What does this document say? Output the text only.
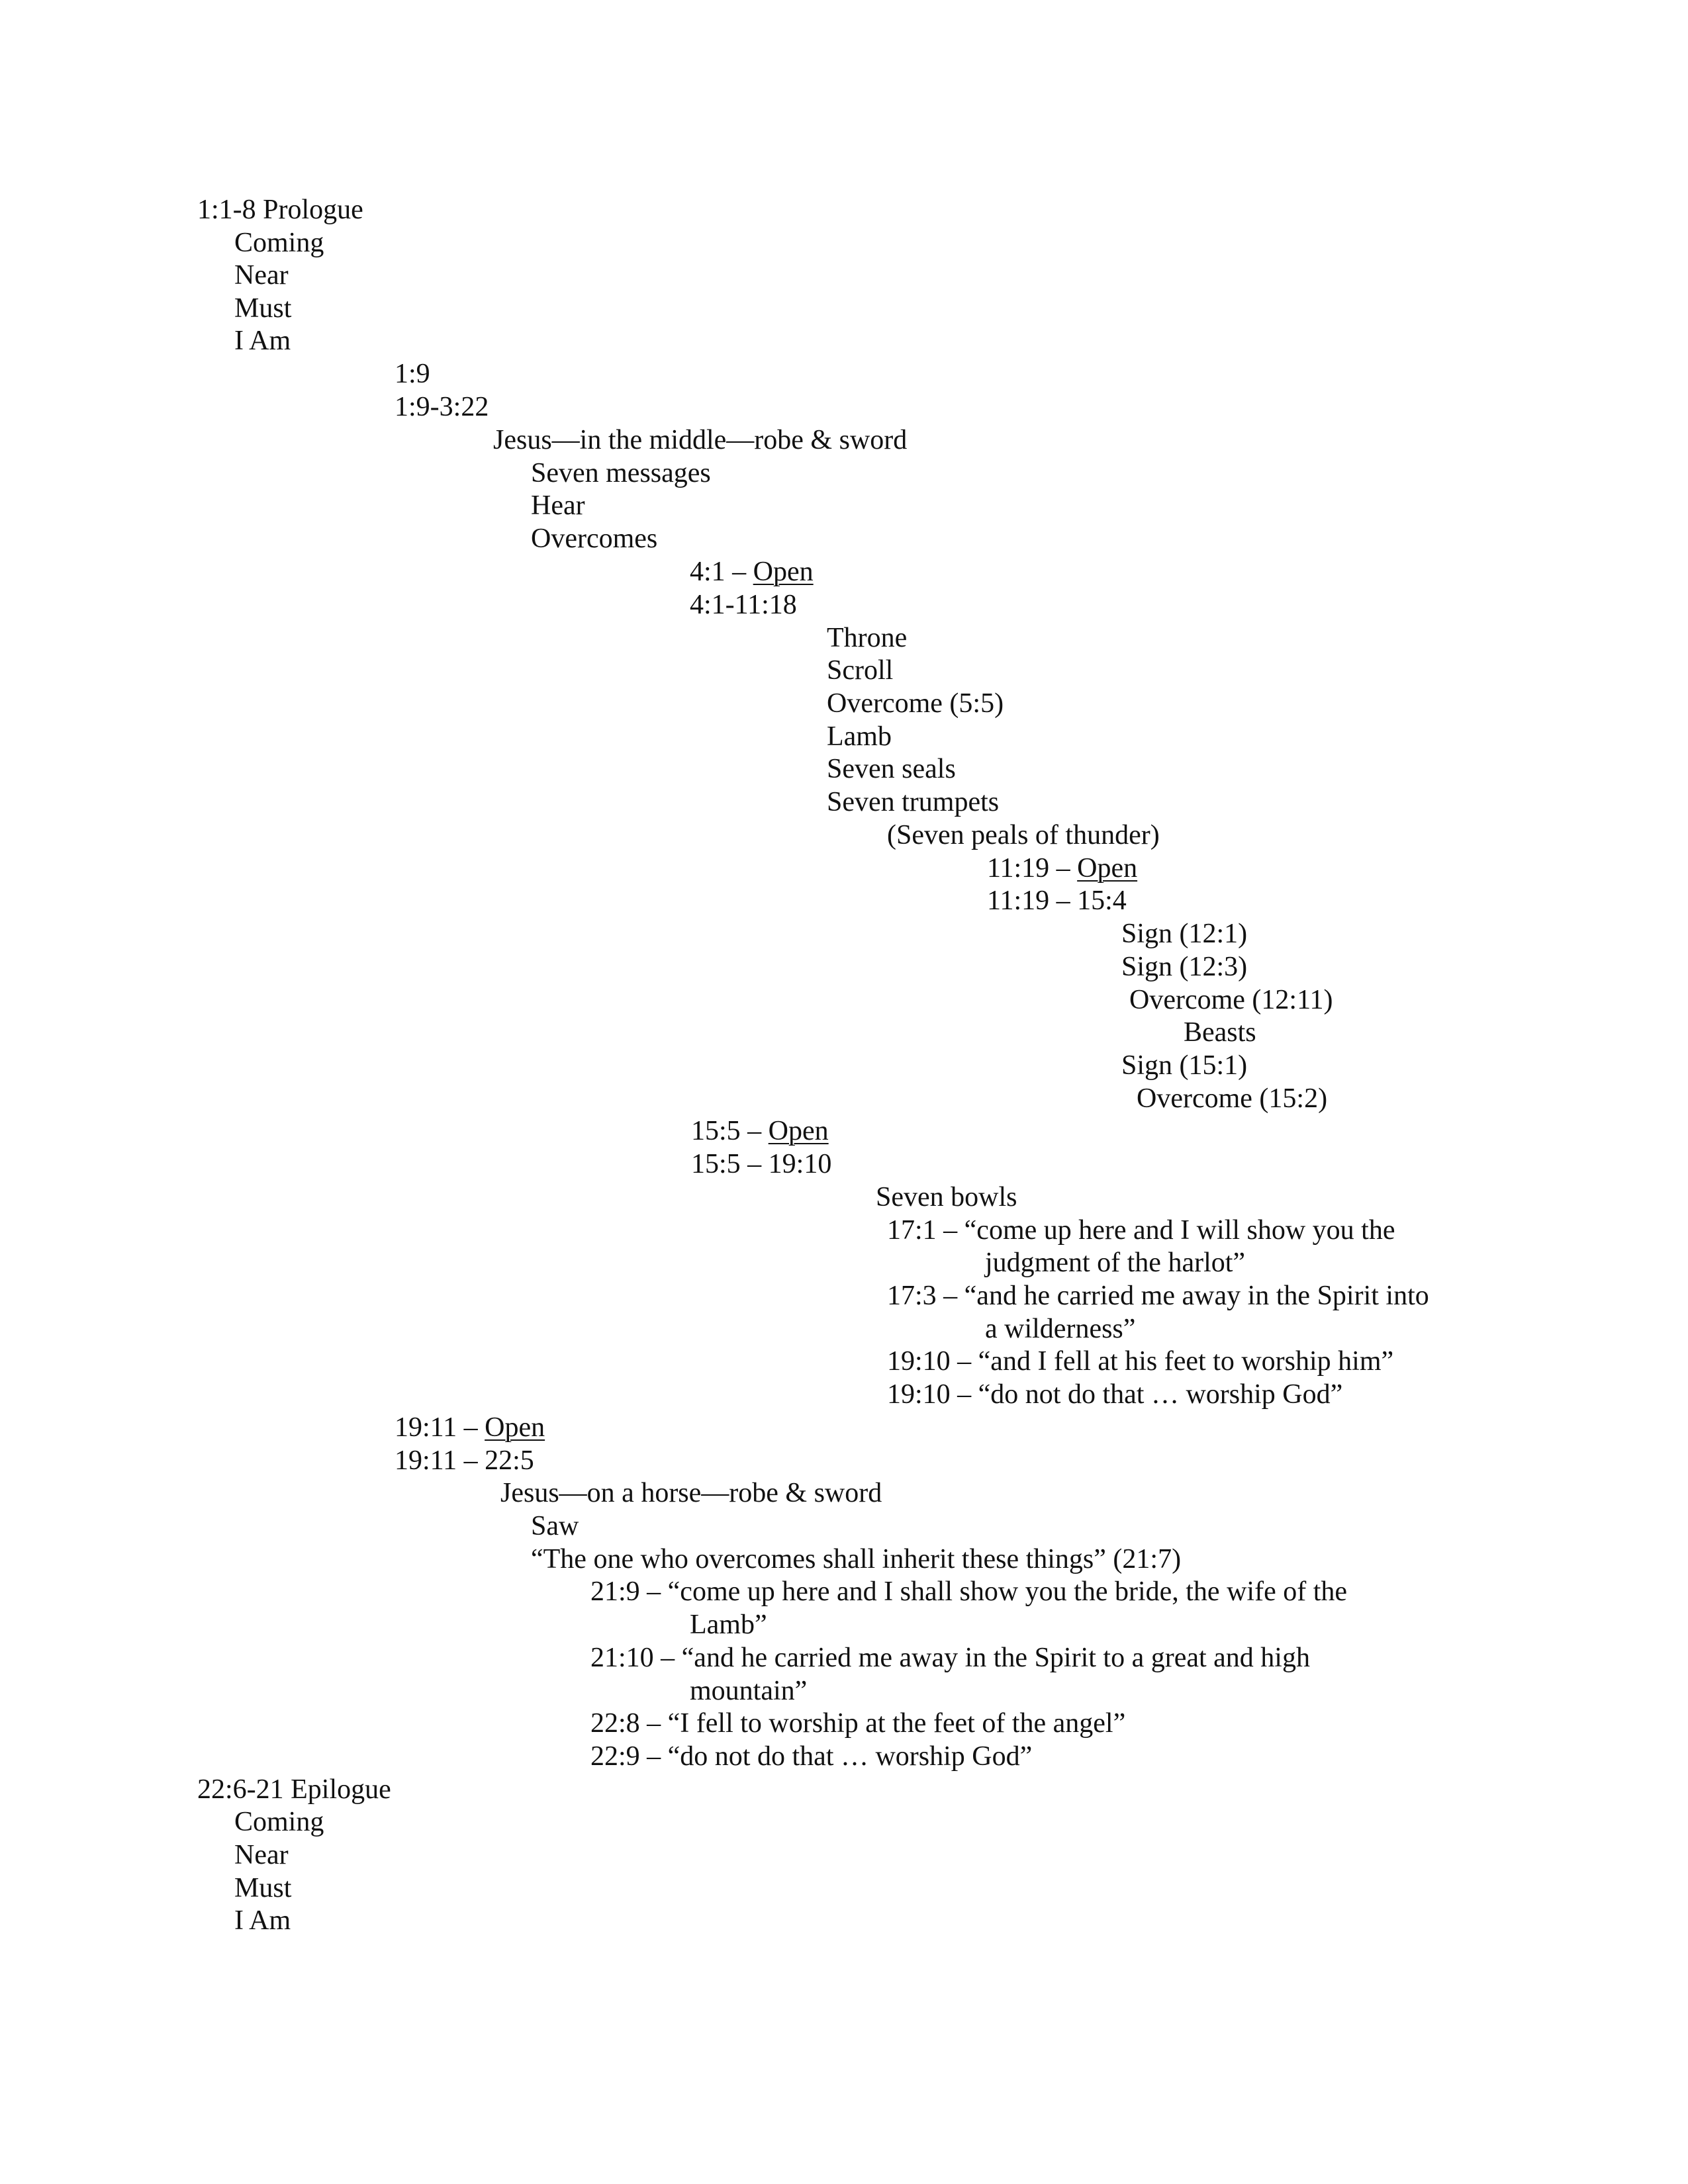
1:1-8 Prologue
Coming
Near
Must
I Am
1:9
1:9-3:22
Jesus—in the middle—robe & sword
Seven messages
Hear
Overcomes
4:1 – Open
4:1-11:18
Throne
Scroll
Overcome (5:5)
Lamb
Seven seals
Seven trumpets
(Seven peals of thunder)
11:19 – Open
11:19 – 15:4
Sign (12:1)
Sign (12:3)
Overcome (12:11)
Beasts
Sign (15:1)
Overcome (15:2)
15:5 – Open
15:5 – 19:10
Seven bowls
17:1 – “come up here and I will show you the
judgment of the harlot”
17:3 – “and he carried me away in the Spirit into
a wilderness”
19:10 – “and I fell at his feet to worship him”
19:10 – “do not do that … worship God”
19:11 – Open
19:11 – 22:5
Jesus—on a horse—robe & sword
Saw
“The one who overcomes shall inherit these things” (21:7)
21:9 – “come up here and I shall show you the bride, the wife of the
Lamb”
21:10 – “and he carried me away in the Spirit to a great and high
mountain”
22:8 – “I fell to worship at the feet of the angel”
22:9 – “do not do that … worship God”
22:6-21 Epilogue
Coming
Near
Must
I Am
